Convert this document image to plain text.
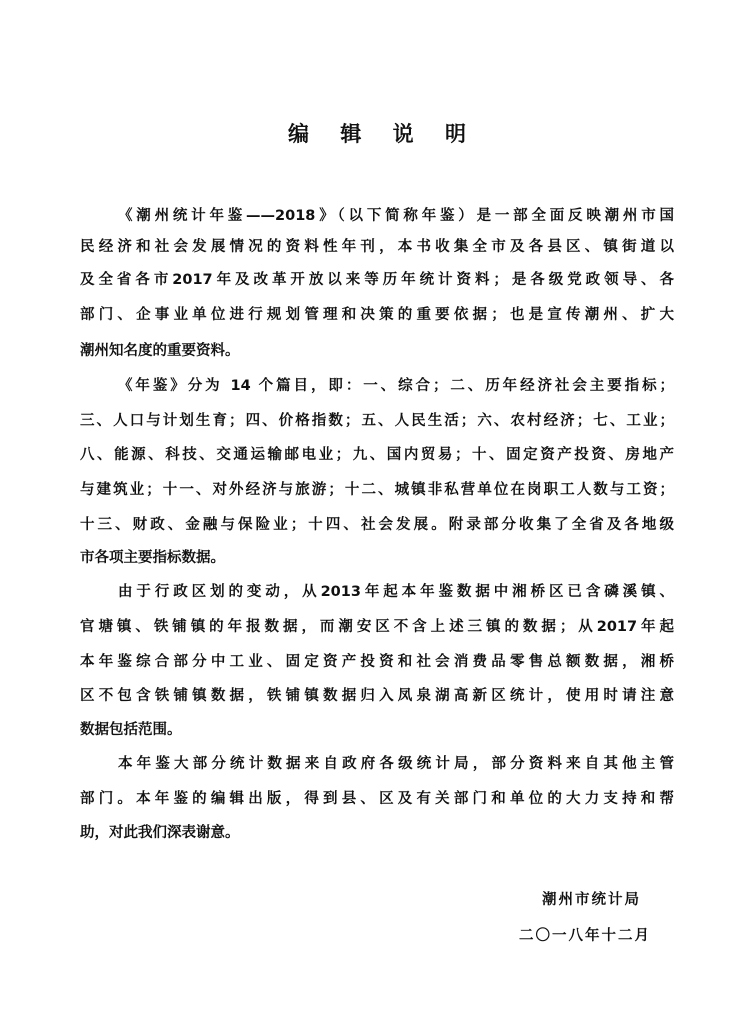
编 辑 说 明
《潮州统计年鉴——2018》（以下简称年鉴）是一部全面反映潮州市国
民经济和社会发展情况的资料性年刊，本书收集全市及各县区、镇街道以
及全省各市2017年及改革开放以来等历年统计资料；是各级党政领导、各
部门、企事业单位进行规划管理和决策的重要依据；也是宣传潮州、扩大
潮州知名度的重要资料。
《年鉴》分为 14 个篇目，即：一、综合；二、历年经济社会主要指标；
三、人口与计划生育；四、价格指数；五、人民生活；六、农村经济；七、工业；
八、能源、科技、交通运输邮电业；九、国内贸易；十、固定资产投资、房地产
与建筑业；十一、对外经济与旅游；十二、城镇非私营单位在岗职工人数与工资；
十三、财政、金融与保险业；十四、社会发展。附录部分收集了全省及各地级
市各项主要指标数据。
由于行政区划的变动，从2013年起本年鉴数据中湘桥区已含磷溪镇、
官塘镇、铁铺镇的年报数据，而潮安区不含上述三镇的数据；从2017年起
本年鉴综合部分中工业、固定资产投资和社会消费品零售总额数据，湘桥
区不包含铁铺镇数据，铁铺镇数据归入凤泉湖高新区统计，使用时请注意
数据包括范围。
本年鉴大部分统计数据来自政府各级统计局，部分资料来自其他主管
部门。本年鉴的编辑出版，得到县、区及有关部门和单位的大力支持和帮
助，对此我们深表谢意。
潮州市统计局
二〇一八年十二月
